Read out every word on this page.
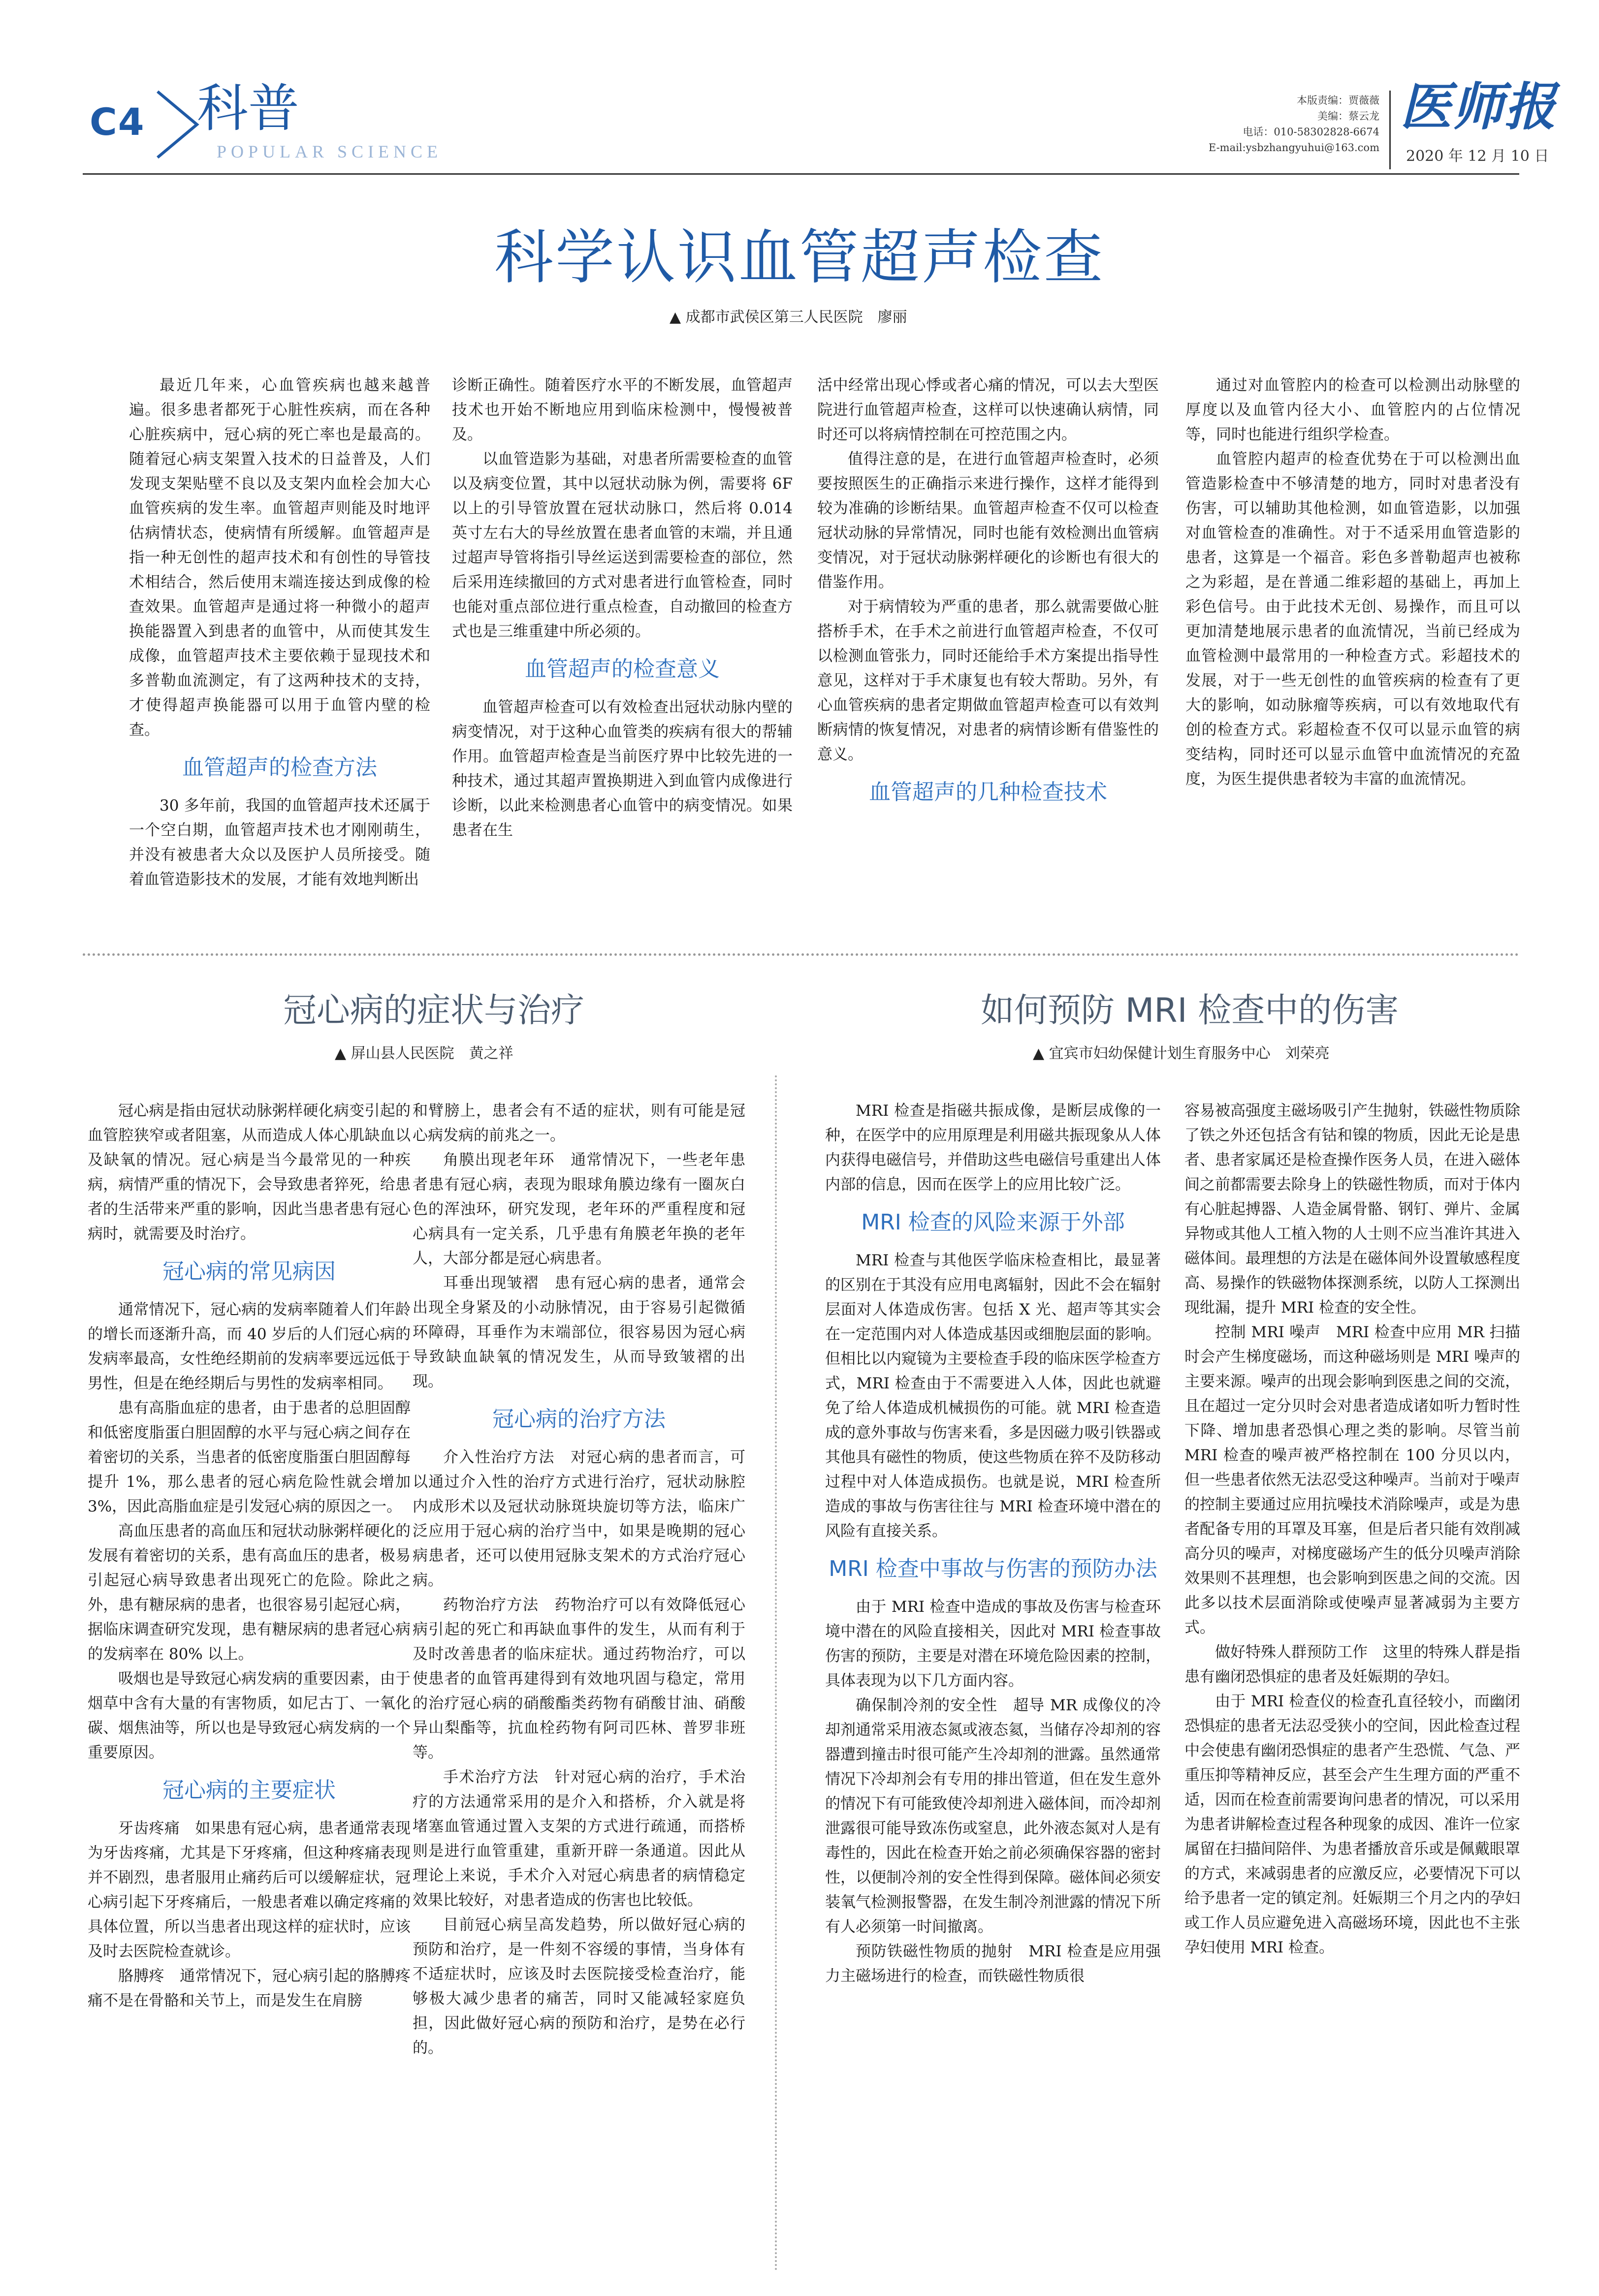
C4 科普
POPULAR SCIENCE
本版责编：贾薇薇
美编：蔡云龙
电话：010-58302828-6674
E-mail:ysbzhangyuhui@163.com
医师报
2020 年 12 月 10 日
科学认识血管超声检查
▲ 成都市武侯区第三人民医院　廖丽

最近几年来，心血管疾病也越来越普遍。很多患者都死于心脏性疾病，而在各种心脏疾病中，冠心病的死亡率也是最高的。随着冠心病支架置入技术的日益普及，人们发现支架贴壁不良以及支架内血栓会加大心血管疾病的发生率。血管超声则能及时地评估病情状态，使病情有所缓解。血管超声是指一种无创性的超声技术和有创性的导管技术相结合，然后使用末端连接达到成像的检查效果。血管超声是通过将一种微小的超声换能器置入到患者的血管中，从而使其发生成像，血管超声技术主要依赖于显现技术和多普勒血流测定，有了这两种技术的支持，才使得超声换能器可以用于血管内壁的检查。

血管超声的检查方法

30 多年前，我国的血管超声技术还属于一个空白期，血管超声技术也才刚刚萌生，并没有被患者大众以及医护人员所接受。随着血管造影技术的发展，才能有效地判断出

诊断正确性。随着医疗水平的不断发展，血管超声技术也开始不断地应用到临床检测中，慢慢被普及。

以血管造影为基础，对患者所需要检查的血管以及病变位置，其中以冠状动脉为例，需要将 6F 以上的引导管放置在冠状动脉口，然后将 0.014 英寸左右大的导丝放置在患者血管的末端，并且通过超声导管将指引导丝运送到需要检查的部位，然后采用连续撤回的方式对患者进行血管检查，同时也能对重点部位进行重点检查，自动撤回的检查方式也是三维重建中所必须的。

血管超声的检查意义

血管超声检查可以有效检查出冠状动脉内壁的病变情况，对于这种心血管类的疾病有很大的帮辅作用。血管超声检查是当前医疗界中比较先进的一种技术，通过其超声置换期进入到血管内成像进行诊断，以此来检测患者心血管中的病变情况。如果患者在生

活中经常出现心悸或者心痛的情况，可以去大型医院进行血管超声检查，这样可以快速确认病情，同时还可以将病情控制在可控范围之内。

值得注意的是，在进行血管超声检查时，必须要按照医生的正确指示来进行操作，这样才能得到较为准确的诊断结果。血管超声检查不仅可以检查冠状动脉的异常情况，同时也能有效检测出血管病变情况，对于冠状动脉粥样硬化的诊断也有很大的借鉴作用。

对于病情较为严重的患者，那么就需要做心脏搭桥手术，在手术之前进行血管超声检查，不仅可以检测血管张力，同时还能给手术方案提出指导性意见，这样对于手术康复也有较大帮助。另外，有心血管疾病的患者定期做血管超声检查可以有效判断病情的恢复情况，对患者的病情诊断有借鉴性的意义。

血管超声的几种检查技术

通过对血管腔内的检查可以检测出动脉壁的厚度以及血管内径大小、血管腔内的占位情况等，同时也能进行组织学检查。

血管腔内超声的检查优势在于可以检测出血管造影检查中不够清楚的地方，同时对患者没有伤害，可以辅助其他检测，如血管造影，以加强对血管检查的准确性。对于不适采用血管造影的患者，这算是一个福音。彩色多普勒超声也被称之为彩超，是在普通二维彩超的基础上，再加上彩色信号。由于此技术无创、易操作，而且可以更加清楚地展示患者的血流情况，当前已经成为血管检测中最常用的一种检查方式。彩超技术的发展，对于一些无创性的血管疾病的检查有了更大的影响，如动脉瘤等疾病，可以有效地取代有创的检查方式。彩超检查不仅可以显示血管的病变结构，同时还可以显示血管中血流情况的充盈度，为医生提供患者较为丰富的血流情况。

冠心病的症状与治疗
▲ 屏山县人民医院　黄之祥

冠心病是指由冠状动脉粥样硬化病变引起的血管腔狭窄或者阻塞，从而造成人体心肌缺血以及缺氧的情况。冠心病是当今最常见的一种疾病，病情严重的情况下，会导致患者猝死，给患者的生活带来严重的影响，因此当患者患有冠心病时，就需要及时治疗。

冠心病的常见病因

通常情况下，冠心病的发病率随着人们年龄的增长而逐渐升高，而 40 岁后的人们冠心病的发病率最高，女性绝经期前的发病率要远远低于男性，但是在绝经期后与男性的发病率相同。

患有高脂血症的患者，由于患者的总胆固醇和低密度脂蛋白胆固醇的水平与冠心病之间存在着密切的关系，当患者的低密度脂蛋白胆固醇每提升 1%，那么患者的冠心病危险性就会增加 3%，因此高脂血症是引发冠心病的原因之一。

高血压患者的高血压和冠状动脉粥样硬化的发展有着密切的关系，患有高血压的患者，极易引起冠心病导致患者出现死亡的危险。除此之外，患有糖尿病的患者，也很容易引起冠心病，据临床调查研究发现，患有糖尿病的患者冠心病的发病率在 80% 以上。

吸烟也是导致冠心病发病的重要因素，由于烟草中含有大量的有害物质，如尼古丁、一氧化碳、烟焦油等，所以也是导致冠心病发病的一个重要原因。

冠心病的主要症状

牙齿疼痛　如果患有冠心病，患者通常表现为牙齿疼痛，尤其是下牙疼痛，但这种疼痛表现并不剧烈，患者服用止痛药后可以缓解症状，冠心病引起下牙疼痛后，一般患者难以确定疼痛的具体位置，所以当患者出现这样的症状时，应该及时去医院检查就诊。

胳膊疼　通常情况下，冠心病引起的胳膊疼痛不是在骨骼和关节上，而是发生在肩膀

和臂膀上，患者会有不适的症状，则有可能是冠心病发病的前兆之一。

角膜出现老年环　通常情况下，一些老年患者患有冠心病，表现为眼球角膜边缘有一圈灰白色的浑浊环，研究发现，老年环的严重程度和冠心病具有一定关系，几乎患有角膜老年换的老年人，大部分都是冠心病患者。

耳垂出现皱褶　患有冠心病的患者，通常会出现全身紧及的小动脉情况，由于容易引起微循环障碍，耳垂作为末端部位，很容易因为冠心病导致缺血缺氧的情况发生，从而导致皱褶的出现。

冠心病的治疗方法

介入性治疗方法　对冠心病的患者而言，可以通过介入性的治疗方式进行治疗，冠状动脉腔内成形术以及冠状动脉斑块旋切等方法，临床广泛应用于冠心病的治疗当中，如果是晚期的冠心病患者，还可以使用冠脉支架术的方式治疗冠心病。

药物治疗方法　药物治疗可以有效降低冠心病引起的死亡和再缺血事件的发生，从而有利于及时改善患者的临床症状。通过药物治疗，可以使患者的血管再建得到有效地巩固与稳定，常用的治疗冠心病的硝酸酯类药物有硝酸甘油、硝酸异山梨酯等，抗血栓药物有阿司匹林、普罗非班等。

手术治疗方法　针对冠心病的治疗，手术治疗的方法通常采用的是介入和搭桥，介入就是将堵塞血管通过置入支架的方式进行疏通，而搭桥则是进行血管重建，重新开辟一条通道。因此从理论上来说，手术介入对冠心病患者的病情稳定效果比较好，对患者造成的伤害也比较低。

目前冠心病呈高发趋势，所以做好冠心病的预防和治疗，是一件刻不容缓的事情，当身体有不适症状时，应该及时去医院接受检查治疗，能够极大减少患者的痛苦，同时又能减轻家庭负担，因此做好冠心病的预防和治疗，是势在必行的。

如何预防 MRI 检查中的伤害
▲ 宜宾市妇幼保健计划生育服务中心　刘荣亮

MRI 检查是指磁共振成像，是断层成像的一种，在医学中的应用原理是利用磁共振现象从人体内获得电磁信号，并借助这些电磁信号重建出人体内部的信息，因而在医学上的应用比较广泛。

MRI 检查的风险来源于外部

MRI 检查与其他医学临床检查相比，最显著的区别在于其没有应用电离辐射，因此不会在辐射层面对人体造成伤害。包括 X 光、超声等其实会在一定范围内对人体造成基因或细胞层面的影响。但相比以内窥镜为主要检查手段的临床医学检查方式，MRI 检查由于不需要进入人体，因此也就避免了给人体造成机械损伤的可能。就 MRI 检查造成的意外事故与伤害来看，多是因磁力吸引铁器或其他具有磁性的物质，使这些物质在猝不及防移动过程中对人体造成损伤。也就是说，MRI 检查所造成的事故与伤害往往与 MRI 检查环境中潜在的风险有直接关系。

MRI 检查中事故与伤害的预防办法

由于 MRI 检查中造成的事故及伤害与检查环境中潜在的风险直接相关，因此对 MRI 检查事故伤害的预防，主要是对潜在环境危险因素的控制，具体表现为以下几方面内容。

确保制冷剂的安全性　超导 MR 成像仪的冷却剂通常采用液态氮或液态氦，当储存冷却剂的容器遭到撞击时很可能产生冷却剂的泄露。虽然通常情况下冷却剂会有专用的排出管道，但在发生意外的情况下有可能致使冷却剂进入磁体间，而冷却剂泄露很可能导致冻伤或窒息，此外液态氮对人是有毒性的，因此在检查开始之前必须确保容器的密封性，以便制冷剂的安全性得到保障。磁体间必须安装氧气检测报警器，在发生制冷剂泄露的情况下所有人必须第一时间撤离。

预防铁磁性物质的抛射　MRI 检查是应用强力主磁场进行的检查，而铁磁性物质很

容易被高强度主磁场吸引产生抛射，铁磁性物质除了铁之外还包括含有钴和镍的物质，因此无论是患者、患者家属还是检查操作医务人员，在进入磁体间之前都需要去除身上的铁磁性物质，而对于体内有心脏起搏器、人造金属骨骼、钢钉、弹片、金属异物或其他人工植入物的人士则不应当准许其进入磁体间。最理想的方法是在磁体间外设置敏感程度高、易操作的铁磁物体探测系统，以防人工探测出现纰漏，提升 MRI 检查的安全性。

控制 MRI 噪声　MRI 检查中应用 MR 扫描时会产生梯度磁场，而这种磁场则是 MRI 噪声的主要来源。噪声的出现会影响到医患之间的交流，且在超过一定分贝时会对患者造成诸如听力暂时性下降、增加患者恐惧心理之类的影响。尽管当前 MRI 检查的噪声被严格控制在 100 分贝以内，但一些患者依然无法忍受这种噪声。当前对于噪声的控制主要通过应用抗噪技术消除噪声，或是为患者配备专用的耳罩及耳塞，但是后者只能有效削减高分贝的噪声，对梯度磁场产生的低分贝噪声消除效果则不甚理想，也会影响到医患之间的交流。因此多以技术层面消除或使噪声显著减弱为主要方式。

做好特殊人群预防工作　这里的特殊人群是指患有幽闭恐惧症的患者及妊娠期的孕妇。

由于 MRI 检查仪的检查孔直径较小，而幽闭恐惧症的患者无法忍受狭小的空间，因此检查过程中会使患有幽闭恐惧症的患者产生恐慌、气急、严重压抑等精神反应，甚至会产生生理方面的严重不适，因而在检查前需要询问患者的情况，可以采用为患者讲解检查过程各种现象的成因、准许一位家属留在扫描间陪伴、为患者播放音乐或是佩戴眼罩的方式，来减弱患者的应激反应，必要情况下可以给予患者一定的镇定剂。妊娠期三个月之内的孕妇或工作人员应避免进入高磁场环境，因此也不主张孕妇使用 MRI 检查。
